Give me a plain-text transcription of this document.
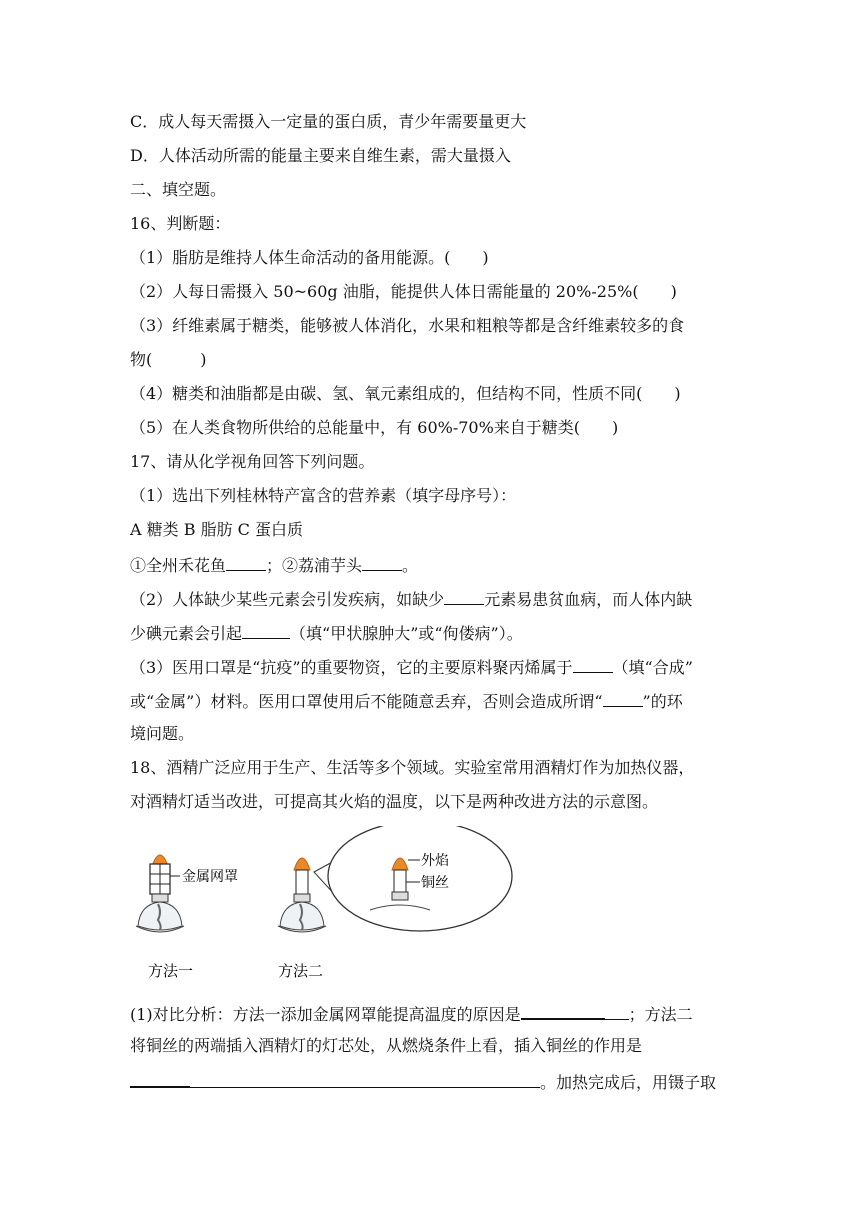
C．成人每天需摄入一定量的蛋白质，青少年需要量更大
D．人体活动所需的能量主要来自维生素，需大量摄入
二、填空题。
16、判断题：
（1）脂肪是维持人体生命活动的备用能源。(　　)
（2）人每日需摄入 50~60g 油脂，能提供人体日需能量的 20%-25%(　　)
（3）纤维素属于糖类，能够被人体消化，水果和粗粮等都是含纤维素较多的食
物(　　　)
（4）糖类和油脂都是由碳、氢、氧元素组成的，但结构不同，性质不同(　　)
（5）在人类食物所供给的总能量中，有 60%-70%来自于糖类(　　)
17、请从化学视角回答下列问题。
（1）选出下列桂林特产富含的营养素（填字母序号）：
A 糖类 B 脂肪 C 蛋白质
①全州禾花鱼	；②荔浦芋头	。
（2）人体缺少某些元素会引发疾病，如缺少	元素易患贫血病，而人体内缺
少碘元素会引起	（填“甲状腺肿大”或“佝偻病”）。
（3）医用口罩是“抗疫”的重要物资，它的主要原料聚丙烯属于	（填“合成”
或“金属”）材料。医用口罩使用后不能随意丢弃，否则会造成所谓“	”的环
境问题。
18、酒精广泛应用于生产、生活等多个领域。实验室常用酒精灯作为加热仪器，
对酒精灯适当改进，可提高其火焰的温度，以下是两种改进方法的示意图。
金属网罩
外焰
铜丝
方法一	方法二
(1)对比分析：方法一添加金属网罩能提高温度的原因是	；方法二
将铜丝的两端插入酒精灯的灯芯处，从燃烧条件上看，插入铜丝的作用是
。加热完成后，用镊子取
